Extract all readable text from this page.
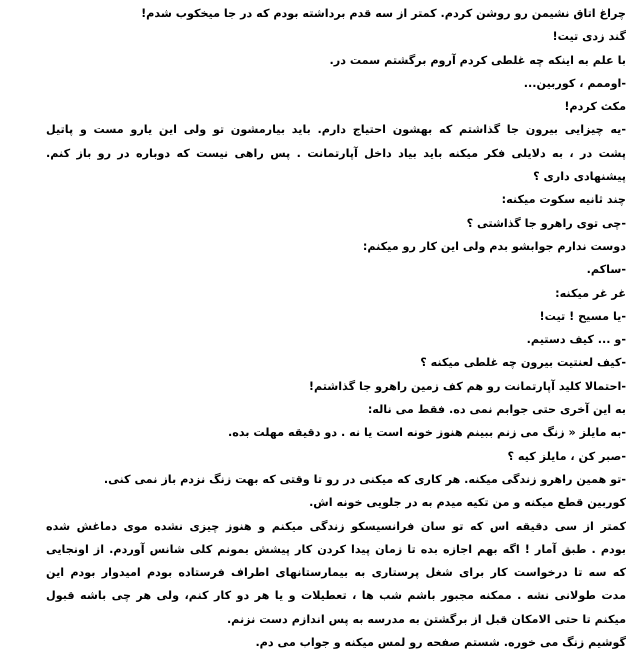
چراغ اتاق نشیمن رو روشن کردم. کمتر از سه قدم برداشته بودم که در جا میخکوب شدم!
گند زدی تیت!
با علم به اینکه چه غلطی کردم آروم برگشتم سمت در.
-اوممم ، کوربین...
مکث کردم!
-یه چیزایی بیرون جا گذاشتم که بهشون احتیاج دارم. باید بیارمشون تو ولی این یارو مست و پاتیل
پشت در ، به دلایلی فکر میکنه باید بیاد داخل آپارتمانت . پس راهی نیست که دوباره در رو باز کنم.
پیشنهادی داری ؟
چند ثانیه سکوت میکنه:
-چی توی راهرو جا گذاشتی ؟
دوست ندارم جوابشو بدم ولی این کار رو میکنم:
-ساکم.
غر غر میکنه:
-یا مسیح ! تیت!
-و ... کیف دستیم.
-کیف لعنتیت بیرون چه غلطی میکنه ؟
-احتمالا کلید آپارتمانت رو هم کف زمین راهرو جا گذاشتم!
به این آخری حتی جوابم نمی ده. فقط می ناله:
-به مایلز « زنگ می زنم ببینم هنوز خونه است یا نه . دو دقیقه مهلت بده.
-صبر کن ، مایلز کیه ؟
-تو همین راهرو زندگی میکنه. هر کاری که میکنی در رو تا وقتی که بهت زنگ نزدم باز نمی کنی.
کوربین قطع میکنه و من تکیه میدم به در جلویی خونه اش.
کمتر از سی دقیقه اس که تو سان فرانسیسکو زندگی میکنم و هنوز چیزی نشده موی دماغش شده
بودم . طبق آمار ! اگه بهم اجازه بده تا زمان پیدا کردن کار پیشش بمونم کلی شانس آوردم. از اونجایی
که سه تا درخواست کار برای شغل پرستاری به بیمارستانهای اطراف فرستاده بودم امیدوار بودم این
مدت طولانی نشه . ممکنه مجبور باشم شب ها ، تعطیلات و یا هر دو کار کنم، ولی هر چی باشه قبول
میکنم تا حتی الامکان قبل از برگشتن به مدرسه به پس اندازم دست نزنم.
گوشیم زنگ می خوره. شستم صفحه رو لمس میکنه و جواب می دم.
